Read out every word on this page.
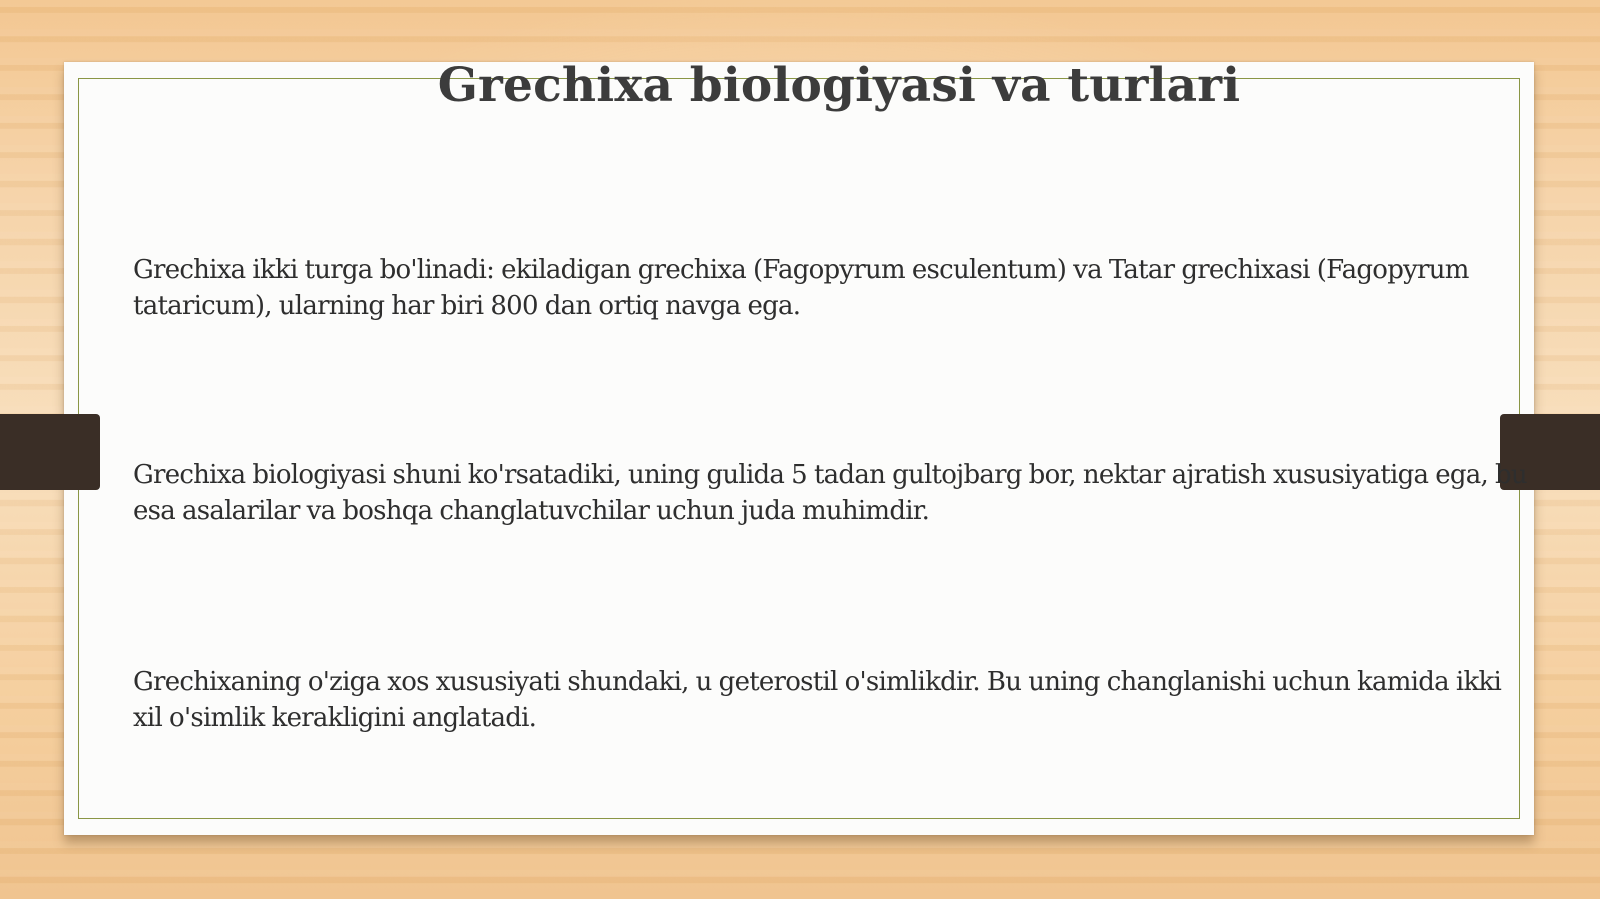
Grechixa biologiyasi va turlari

Grechixa ikki turga bo'linadi: ekiladigan grechixa (Fagopyrum esculentum) va Tatar grechixasi (Fagopyrum tataricum), ularning har biri 800 dan ortiq navga ega.

Grechixa biologiyasi shuni ko'rsatadiki, uning gulida 5 tadan gultojbarg bor, nektar ajratish xususiyatiga ega, bu esa asalarilar va boshqa changlatuvchilar uchun juda muhimdir.

Grechixaning o'ziga xos xususiyati shundaki, u geterostil o'simlikdir. Bu uning changlanishi uchun kamida ikki xil o'simlik kerakligini anglatadi.
